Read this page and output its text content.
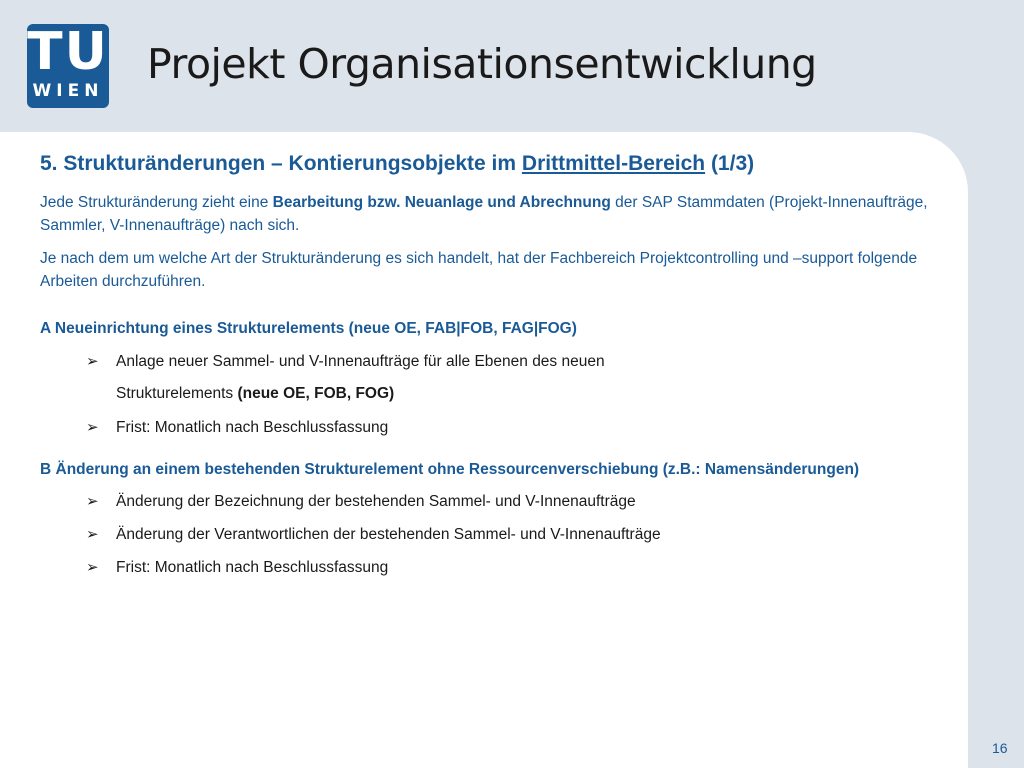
TU
WIEN
Projekt Organisationsentwicklung
5. Strukturänderungen – Kontierungsobjekte im Drittmittel-Bereich (1/3)
Jede Strukturänderung zieht eine Bearbeitung bzw. Neuanlage und Abrechnung der SAP Stammdaten (Projekt-Innenaufträge, Sammler, V-Innenaufträge) nach sich.
Je nach dem um welche Art der Strukturänderung es sich handelt, hat der Fachbereich Projektcontrolling und –support folgende Arbeiten durchzuführen.
A Neueinrichtung eines Strukturelements (neue OE, FAB|FOB, FAG|FOG)
➢ Anlage neuer Sammel- und V-Innenaufträge für alle Ebenen des neuen
Strukturelements (neue OE, FOB, FOG)
➢ Frist: Monatlich nach Beschlussfassung
B Änderung an einem bestehenden Strukturelement ohne Ressourcenverschiebung (z.B.: Namensänderungen)
➢ Änderung der Bezeichnung der bestehenden Sammel- und V-Innenaufträge
➢ Änderung der Verantwortlichen der bestehenden Sammel- und V-Innenaufträge
➢ Frist: Monatlich nach Beschlussfassung
16
